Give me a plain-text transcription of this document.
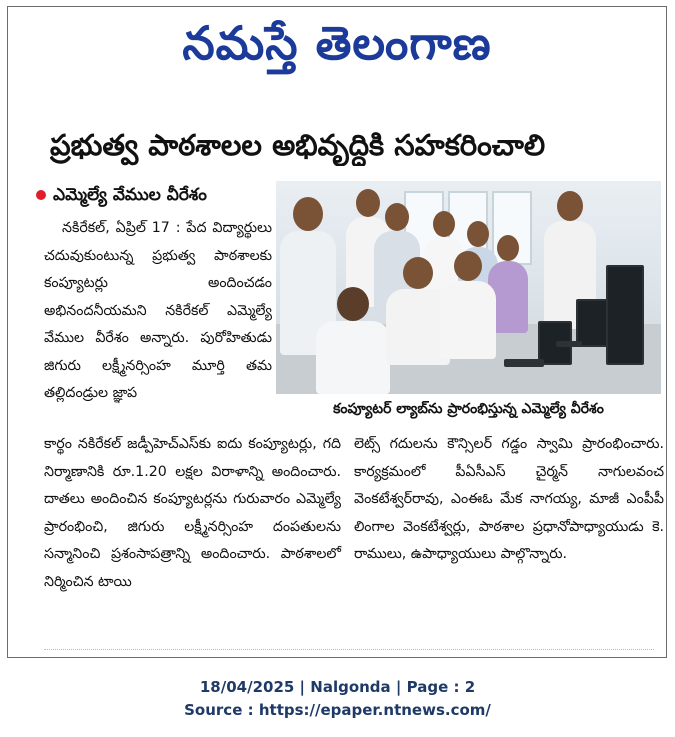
నమస్తే తెలంగాణ
ప్రభుత్వ పాఠశాలల అభివృద్ధికి సహకరించాలి
ఎమ్మెల్యే వేముల వీరేశం

నకిరేకల్, ఏప్రిల్ 17 : పేద విద్యార్థులు చదువుకుంటున్న ప్రభుత్వ పాఠశాలకు కంప్యూటర్లు అందించడం అభినందనీయమని నకిరేకల్ ఎమ్మెల్యే వేముల వీరేశం అన్నారు. పురోహితుడు జిగురు లక్ష్మీనర్సింహ మూర్తి తమ తల్లిదండ్రుల జ్ఞాప

కంప్యూటర్ ల్యాబ్‌ను ప్రారంభిస్తున్న ఎమ్మెల్యే వీరేశం

కార్థం నకిరేకల్ జడ్పీహెచ్ఎస్‌కు ఐదు కంప్యూటర్లు, గది నిర్మాణానికి రూ.1.20 లక్షల విరాళాన్ని అందించారు. దాతలు అందించిన కంప్యూటర్లను గురువారం ఎమ్మెల్యే ప్రారంభించి, జిగురు లక్ష్మీనర్సింహ దంపతులను సన్మానించి ప్రశంసాపత్రాన్ని అందించారు. పాఠశాలలో నిర్మించిన టాయి

లెట్స్ గదులను కౌన్సిలర్ గడ్డం స్వామి ప్రారంభించారు. కార్యక్రమంలో పీఏసీఎస్ చైర్మన్ నాగులవంచ వెంకటేశ్వర్‌రావు, ఎంఈఓ మేక నాగయ్య, మాజీ ఎంపీపీ లింగాల వెంకటేశ్వర్లు, పాఠశాల ప్రధానోపాధ్యాయుడు కె. రాములు, ఉపాధ్యాయులు పాల్గొన్నారు.

18/04/2025 | Nalgonda | Page : 2
Source : https://epaper.ntnews.com/
